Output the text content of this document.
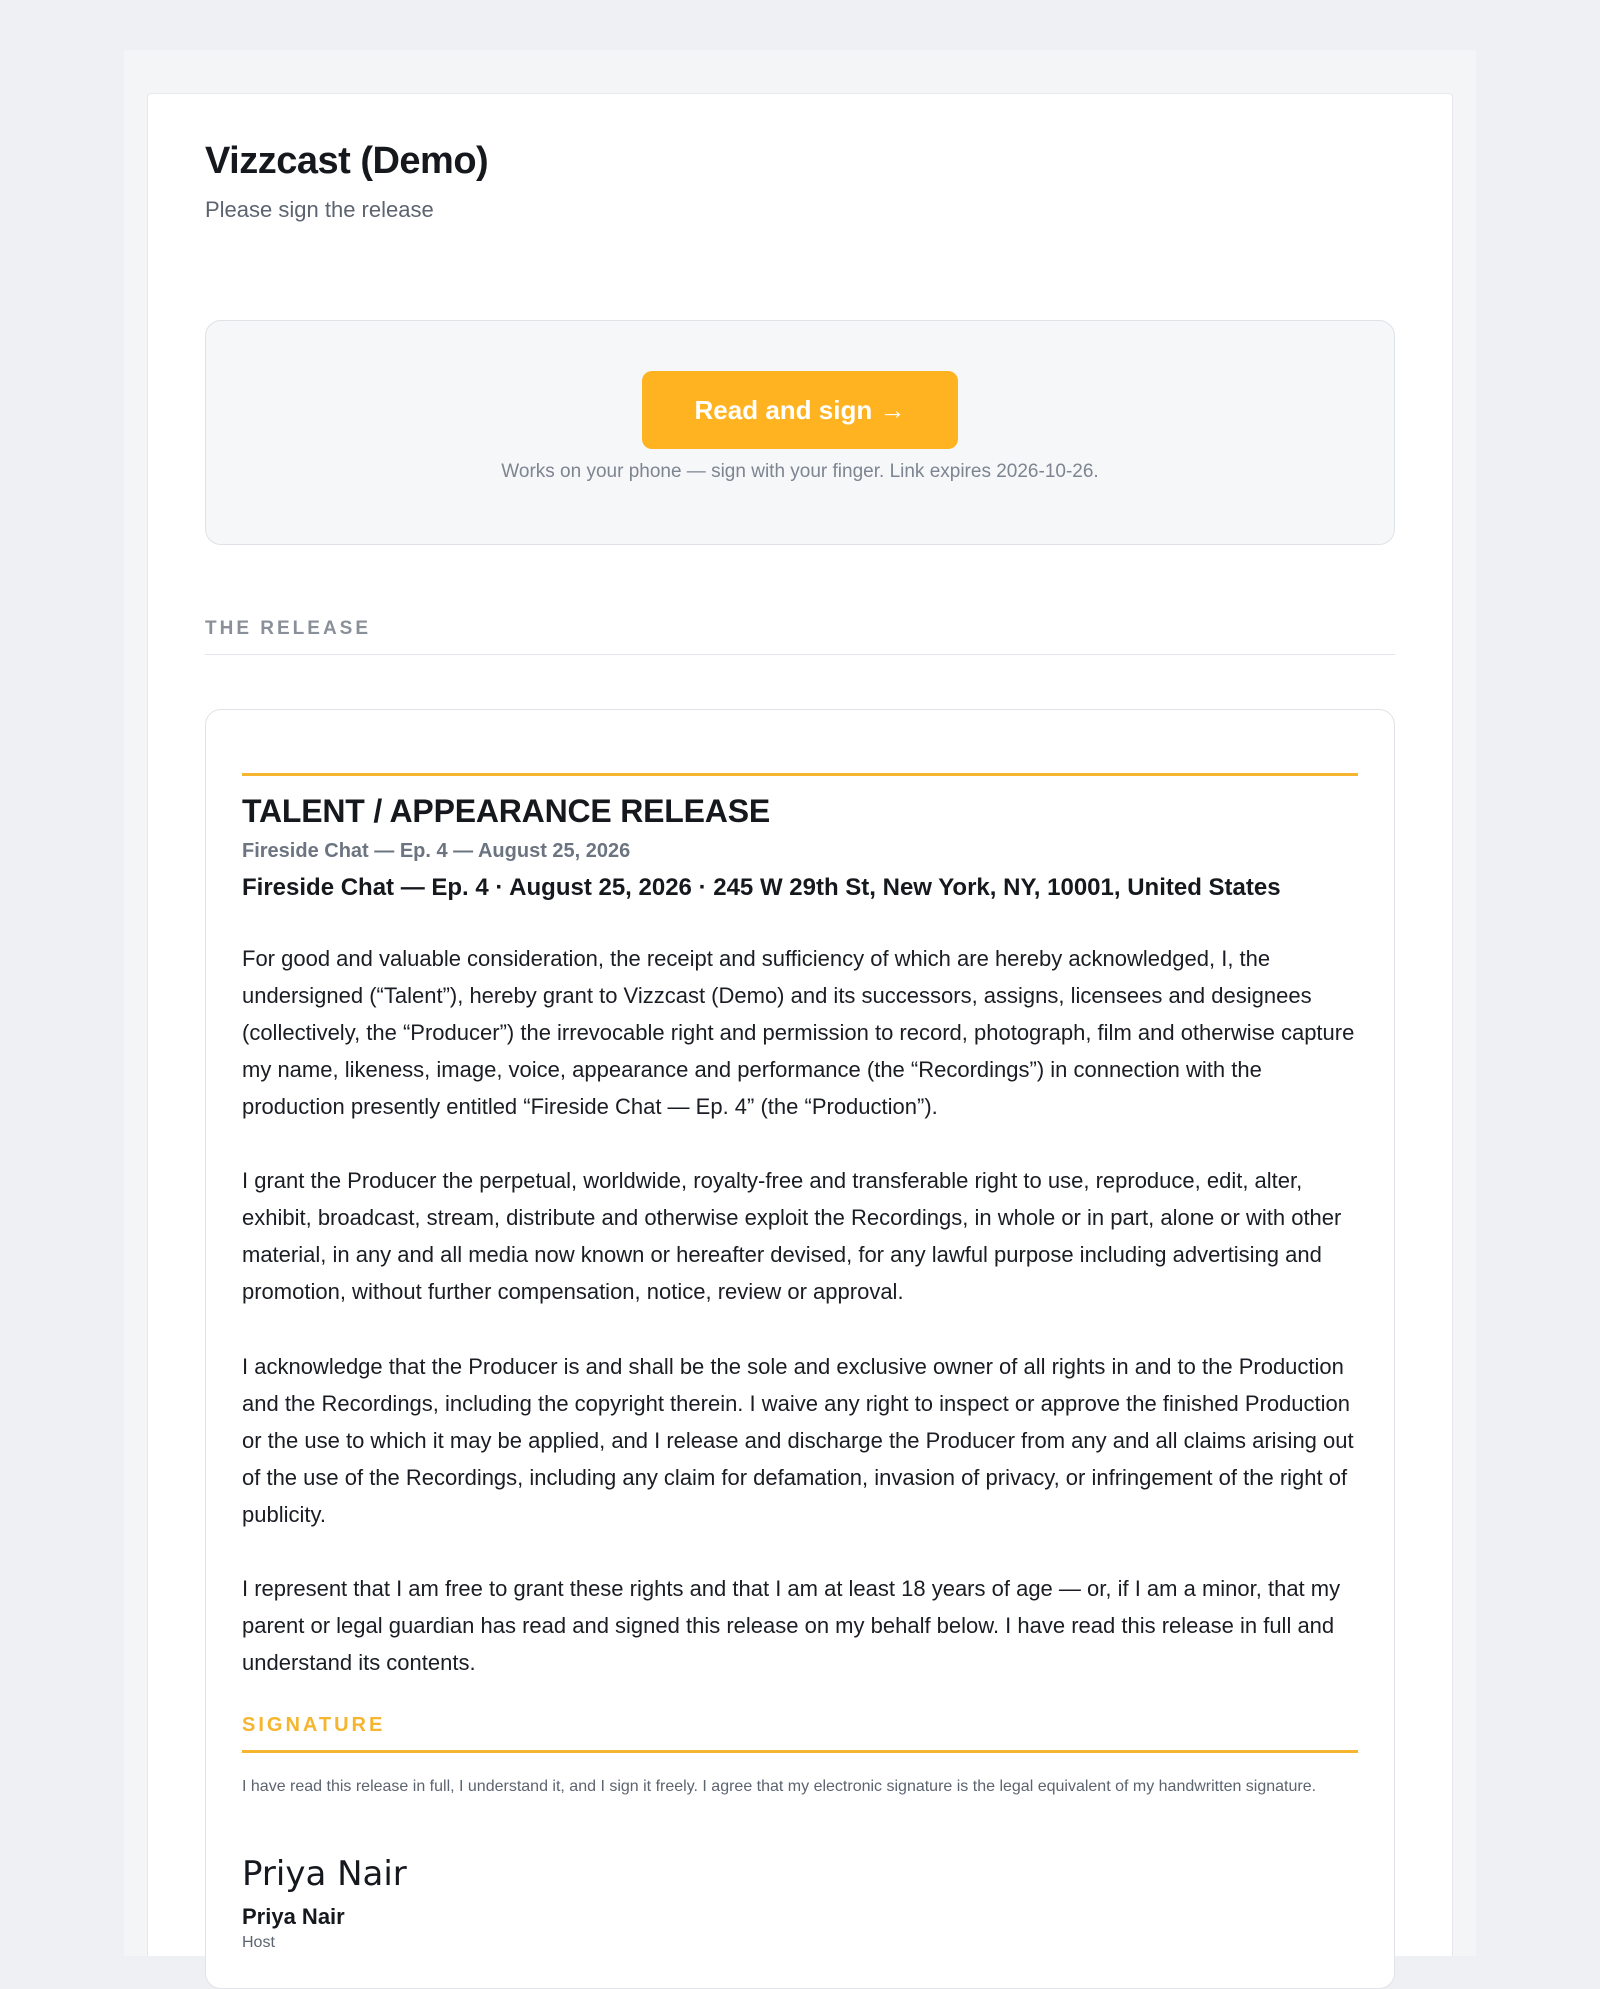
Vizzcast (Demo)
Please sign the release
Read and sign →
Works on your phone — sign with your finger. Link expires 2026-10-26.
THE RELEASE
TALENT / APPEARANCE RELEASE
Fireside Chat — Ep. 4 — August 25, 2026
Fireside Chat — Ep. 4 · August 25, 2026 · 245 W 29th St, New York, NY, 10001, United States

For good and valuable consideration, the receipt and sufficiency of which are hereby acknowledged, I, the undersigned (“Talent”), hereby grant to Vizzcast (Demo) and its successors, assigns, licensees and designees (collectively, the “Producer”) the irrevocable right and permission to record, photograph, film and otherwise capture my name, likeness, image, voice, appearance and performance (the “Recordings”) in connection with the production presently entitled “Fireside Chat — Ep. 4” (the “Production”).

I grant the Producer the perpetual, worldwide, royalty-free and transferable right to use, reproduce, edit, alter, exhibit, broadcast, stream, distribute and otherwise exploit the Recordings, in whole or in part, alone or with other material, in any and all media now known or hereafter devised, for any lawful purpose including advertising and promotion, without further compensation, notice, review or approval.

I acknowledge that the Producer is and shall be the sole and exclusive owner of all rights in and to the Production and the Recordings, including the copyright therein. I waive any right to inspect or approve the finished Production or the use to which it may be applied, and I release and discharge the Producer from any and all claims arising out of the use of the Recordings, including any claim for defamation, invasion of privacy, or infringement of the right of publicity.

I represent that I am free to grant these rights and that I am at least 18 years of age — or, if I am a minor, that my parent or legal guardian has read and signed this release on my behalf below. I have read this release in full and understand its contents.

SIGNATURE
I have read this release in full, I understand it, and I sign it freely. I agree that my electronic signature is the legal equivalent of my handwritten signature.
Priya Nair
Priya Nair
Host
